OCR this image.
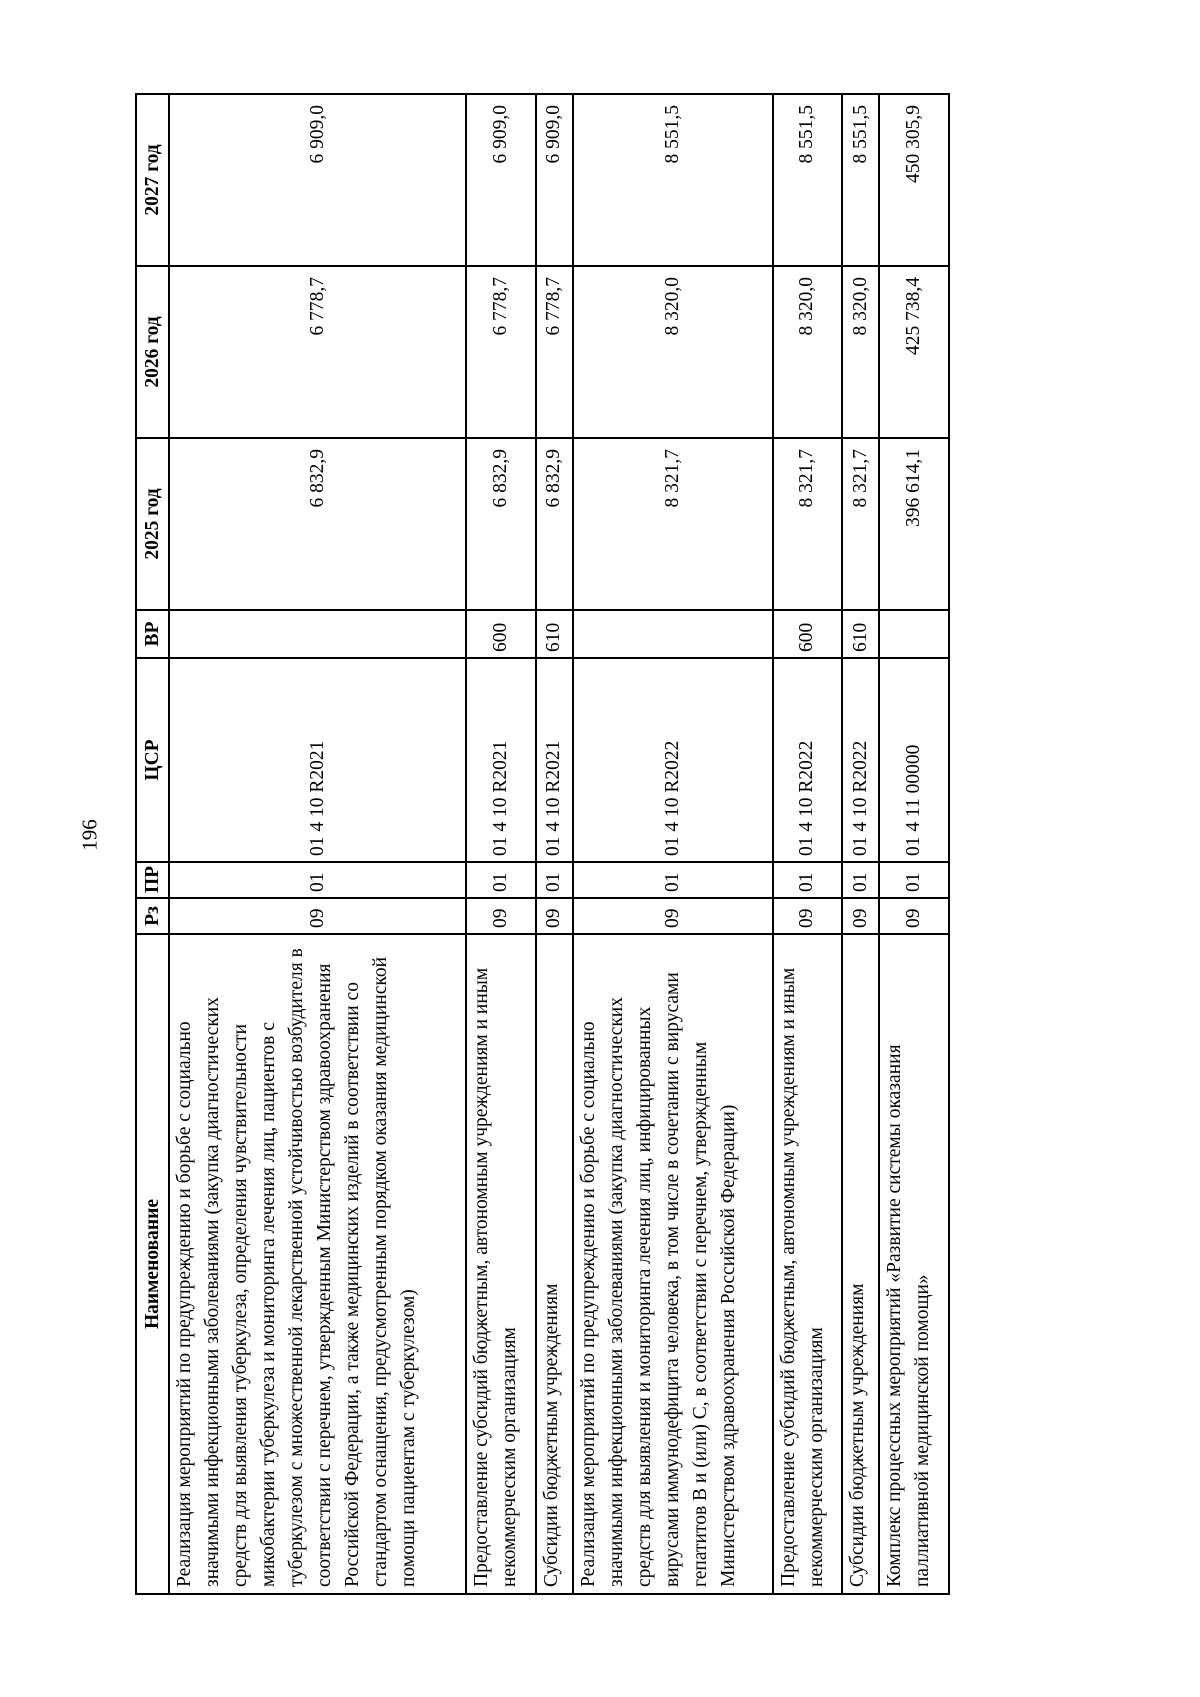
196
Наименование	Рз	ПР	ЦСР	ВР	2025 год	2026 год	2027 год
Реализация мероприятий по предупреждению и борьбе с социально значимыми инфекционными заболеваниями (закупка диагностических средств для выявления туберкулеза, определения чувствительности микобактерии туберкулеза и мониторинга лечения лиц, пациентов с туберкулезом с множественной лекарственной устойчивостью возбудителя в соответствии с перечнем, утвержденным Министерством здравоохранения Российской Федерации, а также медицинских изделий в соответствии со стандартом оснащения, предусмотренным порядком оказания медицинской помощи пациентам с туберкулезом)	09	01	01 4 10 R2021		6 832,9	6 778,7	6 909,0
Предоставление субсидий бюджетным, автономным учреждениям и иным некоммерческим организациям	09	01	01 4 10 R2021	600	6 832,9	6 778,7	6 909,0
Субсидии бюджетным учреждениям	09	01	01 4 10 R2021	610	6 832,9	6 778,7	6 909,0
Реализация мероприятий по предупреждению и борьбе с социально значимыми инфекционными заболеваниями (закупка диагностических средств для выявления и мониторинга лечения лиц, инфицированных вирусами иммунодефицита человека, в том числе в сочетании с вирусами гепатитов В и (или) С, в соответствии с перечнем, утвержденным Министерством здравоохранения Российской Федерации)	09	01	01 4 10 R2022		8 321,7	8 320,0	8 551,5
Предоставление субсидий бюджетным, автономным учреждениям и иным некоммерческим организациям	09	01	01 4 10 R2022	600	8 321,7	8 320,0	8 551,5
Субсидии бюджетным учреждениям	09	01	01 4 10 R2022	610	8 321,7	8 320,0	8 551,5
Комплекс процессных мероприятий «Развитие системы оказания паллиативной медицинской помощи»	09	01	01 4 11 00000		396 614,1	425 738,4	450 305,9
